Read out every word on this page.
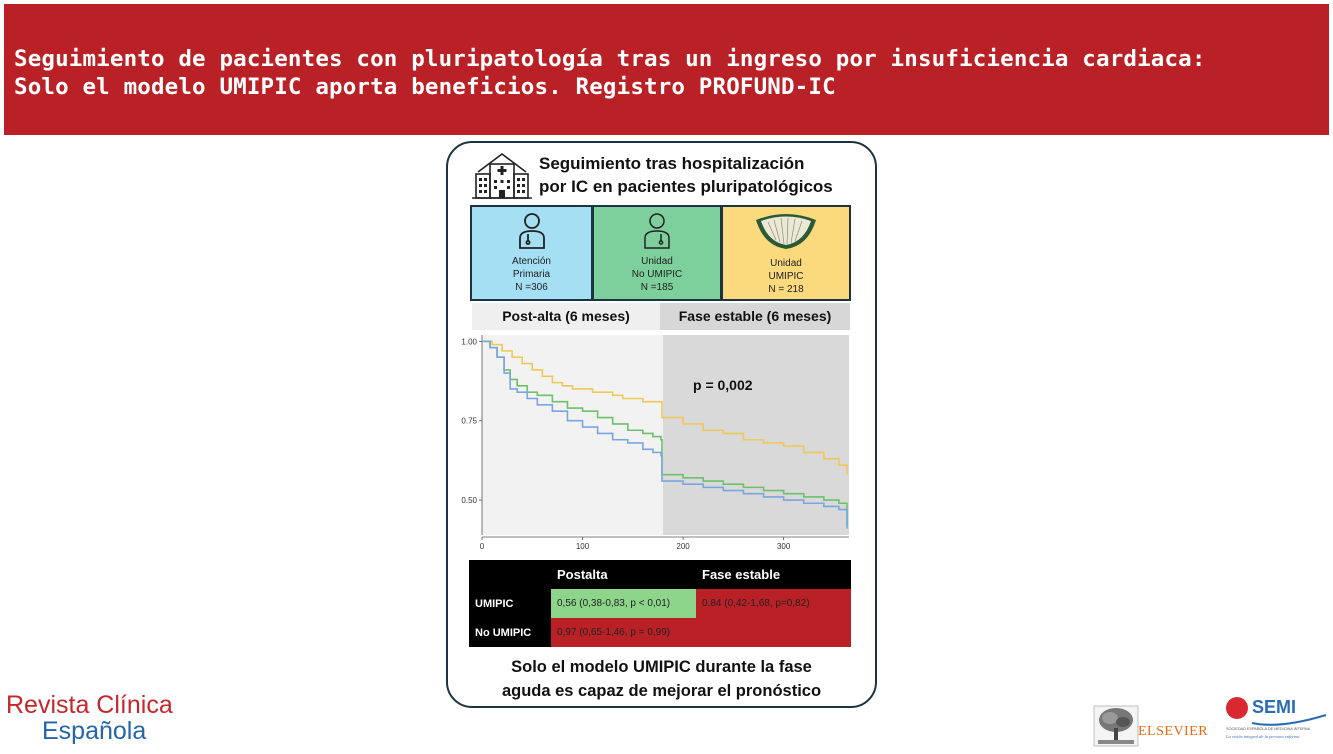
Seguimiento de pacientes con pluripatología tras un ingreso por insuficiencia cardiaca:
Solo el modelo UMIPIC aporta beneficios. Registro PROFUND-IC
Seguimiento tras hospitalización
por IC en pacientes pluripatológicos
Atención
Primaria
N =306
Unidad
No UMIPIC
N =185
Unidad
UMIPIC
N = 218
Post-alta (6 meses)	Fase estable (6 meses)
1.00
0.75
0.50
0	100	200	300
p = 0,002
	Postalta	Fase estable
UMIPIC	0,56 (0,38-0,83, p < 0,01)	0,84 (0,42-1,68, p=0,82)
No UMIPIC	0,97 (0,65-1,46, p = 0,99)	
Solo el modelo UMIPIC durante la fase
aguda es capaz de mejorar el pronóstico
Revista Clínica
Española	ELSEVIER
SEMI
SOCIEDAD ESPAÑOLA DE MEDICINA INTERNA
La visión integral de la persona enferma
